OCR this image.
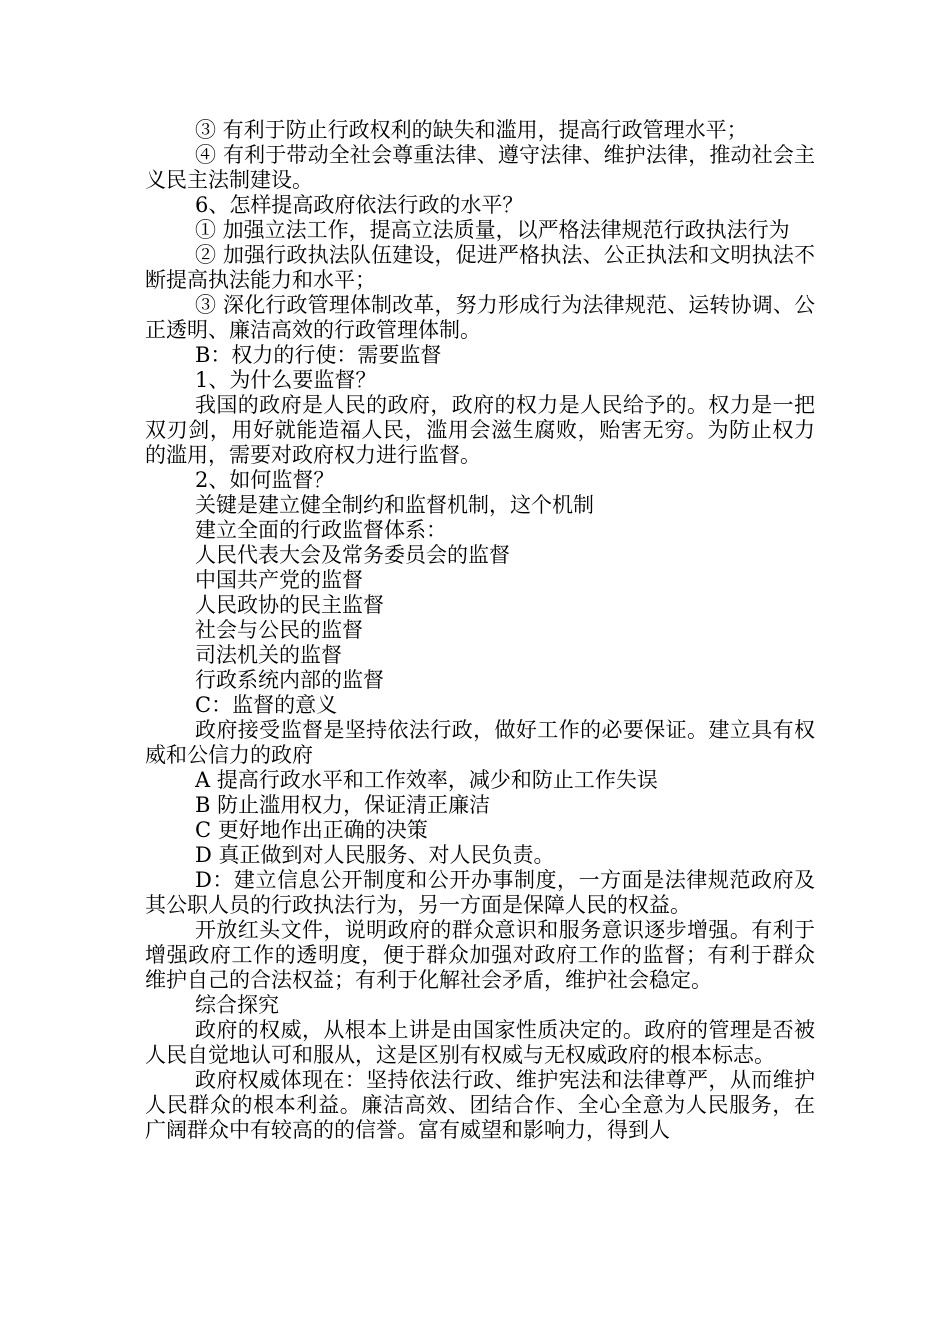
③ 有利于防止行政权利的缺失和滥用，提高行政管理水平；

④ 有利于带动全社会尊重法律、遵守法律、维护法律，推动社会主义民主法制建设。

6、怎样提高政府依法行政的水平？

① 加强立法工作，提高立法质量，以严格法律规范行政执法行为

② 加强行政执法队伍建设，促进严格执法、公正执法和文明执法不断提高执法能力和水平；

③ 深化行政管理体制改革，努力形成行为法律规范、运转协调、公正透明、廉洁高效的行政管理体制。

B：权力的行使：需要监督

1、为什么要监督？

我国的政府是人民的政府，政府的权力是人民给予的。权力是一把双刃剑，用好就能造福人民，滥用会滋生腐败，贻害无穷。为防止权力的滥用，需要对政府权力进行监督。

2、如何监督？

关键是建立健全制约和监督机制，这个机制

建立全面的行政监督体系：

人民代表大会及常务委员会的监督

中国共产党的监督

人民政协的民主监督

社会与公民的监督

司法机关的监督

行政系统内部的监督

C：监督的意义

政府接受监督是坚持依法行政，做好工作的必要保证。建立具有权威和公信力的政府

A 提高行政水平和工作效率，减少和防止工作失误

B 防止滥用权力，保证清正廉洁

C 更好地作出正确的决策

D 真正做到对人民服务、对人民负责。

D：建立信息公开制度和公开办事制度，一方面是法律规范政府及其公职人员的行政执法行为，另一方面是保障人民的权益。

开放红头文件，说明政府的群众意识和服务意识逐步增强。有利于增强政府工作的透明度，便于群众加强对政府工作的监督；有利于群众维护自己的合法权益；有利于化解社会矛盾，维护社会稳定。

综合探究

政府的权威，从根本上讲是由国家性质决定的。政府的管理是否被人民自觉地认可和服从，这是区别有权威与无权威政府的根本标志。

政府权威体现在：坚持依法行政、维护宪法和法律尊严，从而维护人民群众的根本利益。廉洁高效、团结合作、全心全意为人民服务，在广阔群众中有较高的的信誉。富有威望和影响力，得到人
